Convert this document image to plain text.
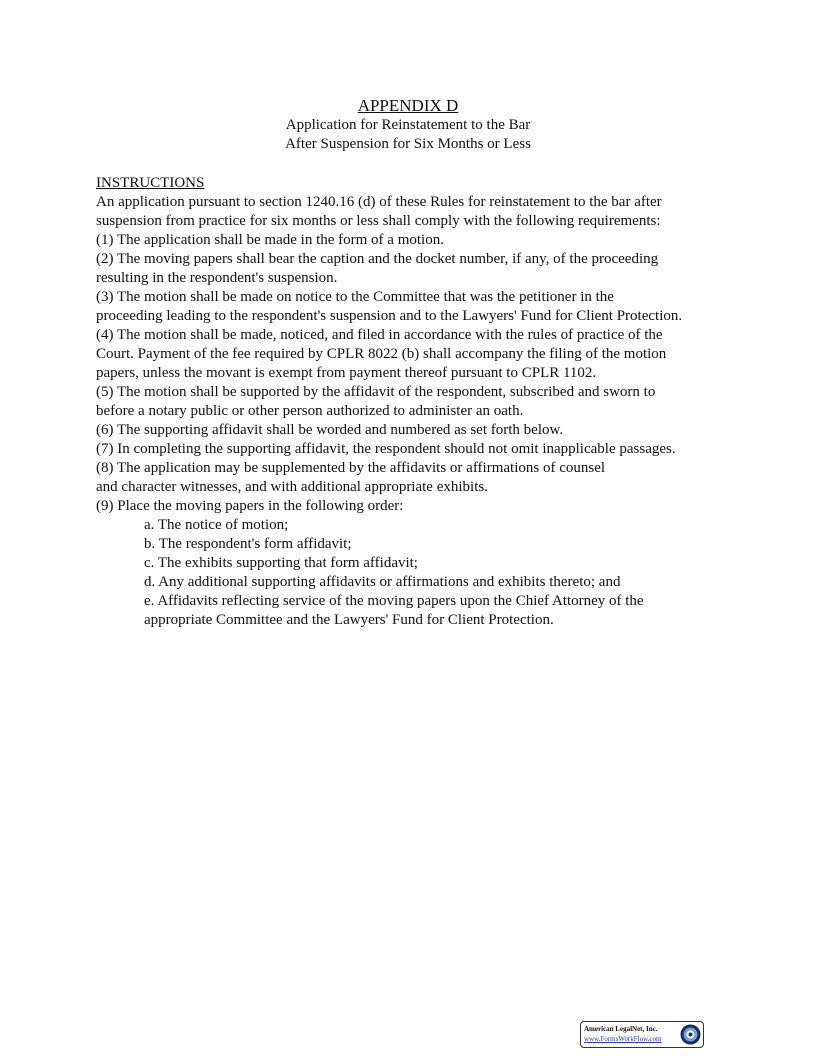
APPENDIX D
Application for Reinstatement to the Bar
After Suspension for Six Months or Less
INSTRUCTIONS
An application pursuant to section 1240.16 (d) of these Rules for reinstatement to the bar after
suspension from practice for six months or less shall comply with the following requirements:
(1) The application shall be made in the form of a motion.
(2) The moving papers shall bear the caption and the docket number, if any, of the proceeding
resulting in the respondent's suspension.
(3) The motion shall be made on notice to the Committee that was the petitioner in the
proceeding leading to the respondent's suspension and to the Lawyers' Fund for Client Protection.
(4) The motion shall be made, noticed, and filed in accordance with the rules of practice of the
Court. Payment of the fee required by CPLR 8022 (b) shall accompany the filing of the motion
papers, unless the movant is exempt from payment thereof pursuant to CPLR 1102.
(5) The motion shall be supported by the affidavit of the respondent, subscribed and sworn to
before a notary public or other person authorized to administer an oath.
(6) The supporting affidavit shall be worded and numbered as set forth below.
(7) In completing the supporting affidavit, the respondent should not omit inapplicable passages.
(8) The application may be supplemented by the affidavits or affirmations of counsel
and character witnesses, and with additional appropriate exhibits.
(9) Place the moving papers in the following order:
a. The notice of motion;
b. The respondent's form affidavit;
c. The exhibits supporting that form affidavit;
d. Any additional supporting affidavits or affirmations and exhibits thereto; and
e. Affidavits reflecting service of the moving papers upon the Chief Attorney of the
appropriate Committee and the Lawyers' Fund for Client Protection.
American LegalNet, Inc.
www.FormsWorkFlow.com
